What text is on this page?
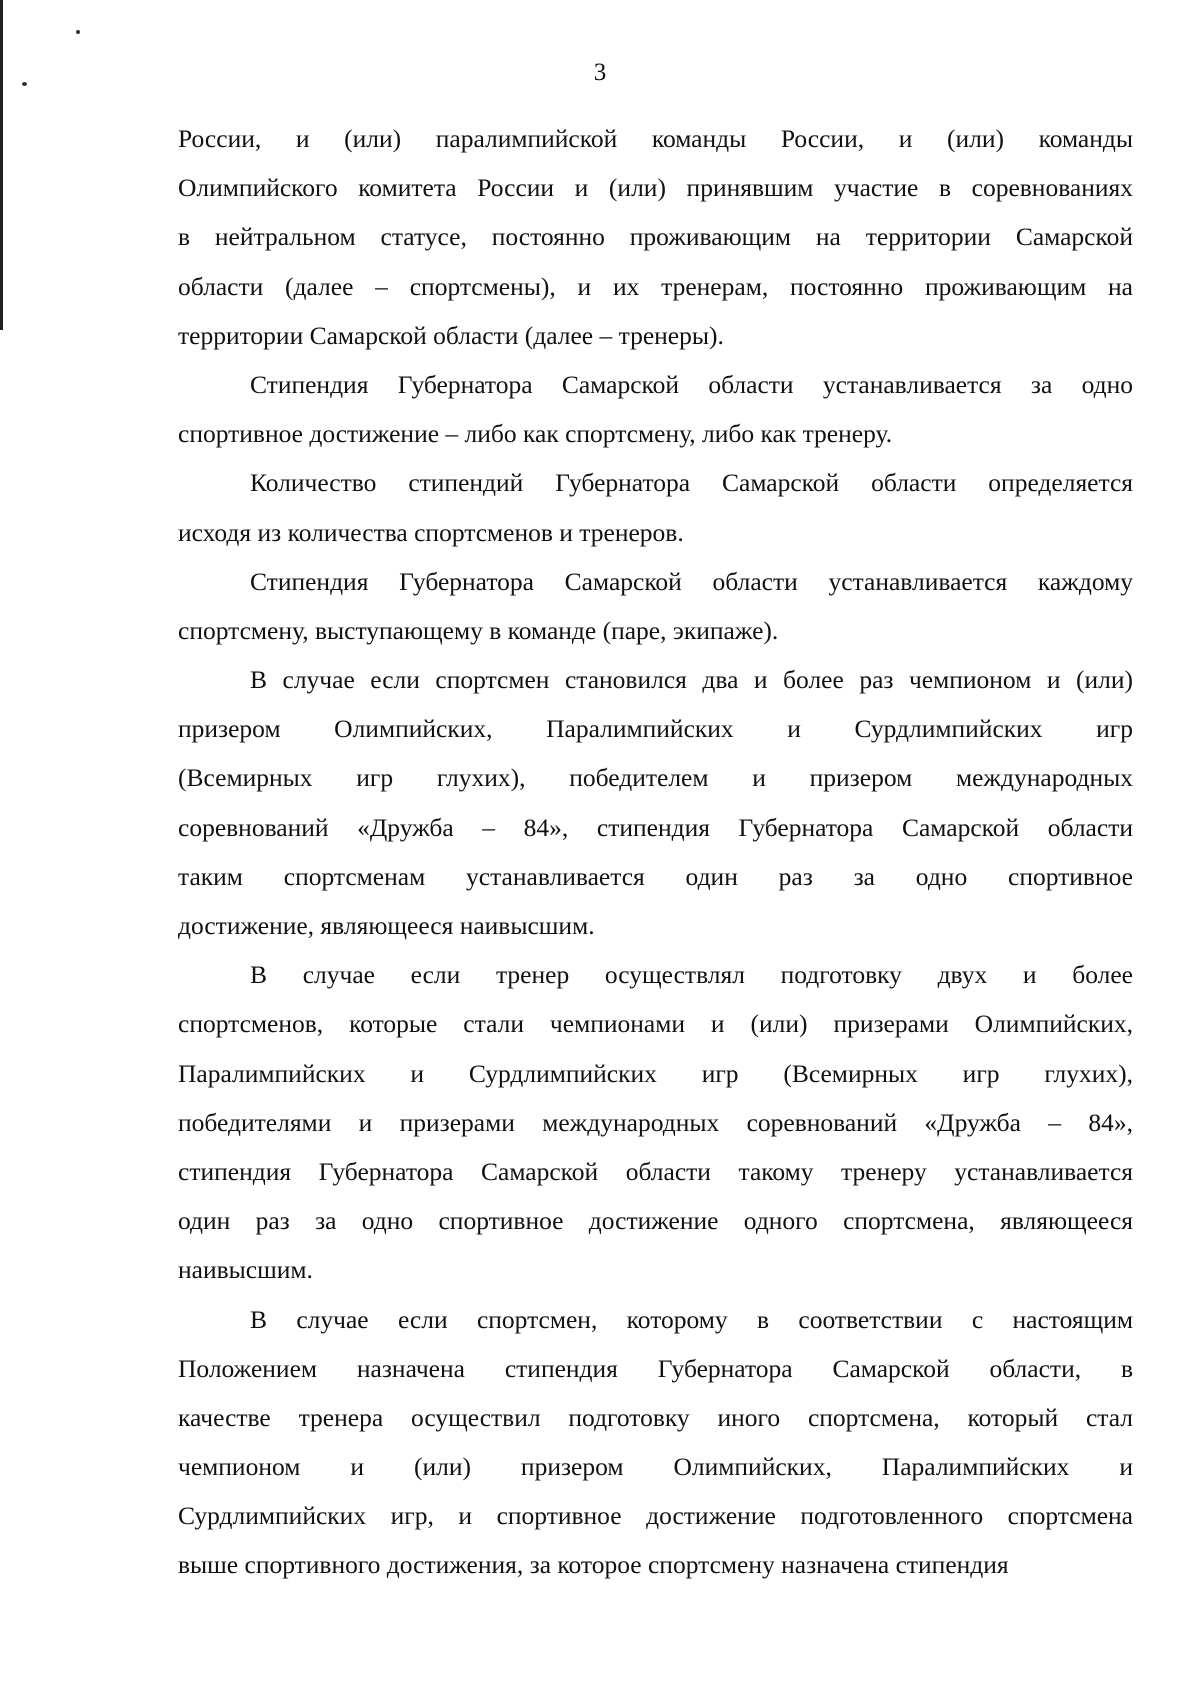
3
России, и (или) паралимпийской команды России, и (или) команды
Олимпийского комитета России и (или) принявшим участие в соревнованиях
в нейтральном статусе, постоянно проживающим на территории Самарской
области (далее – спортсмены), и их тренерам, постоянно проживающим на
территории Самарской области (далее – тренеры).
Стипендия Губернатора Самарской области устанавливается за одно
спортивное достижение – либо как спортсмену, либо как тренеру.
Количество стипендий Губернатора Самарской области определяется
исходя из количества спортсменов и тренеров.
Стипендия Губернатора Самарской области устанавливается каждому
спортсмену, выступающему в команде (паре, экипаже).
В случае если спортсмен становился два и более раз чемпионом и (или)
призером Олимпийских, Паралимпийских и Сурдлимпийских игр
(Всемирных игр глухих), победителем и призером международных
соревнований «Дружба – 84», стипендия Губернатора Самарской области
таким спортсменам устанавливается один раз за одно спортивное
достижение, являющееся наивысшим.
В случае если тренер осуществлял подготовку двух и более
спортсменов, которые стали чемпионами и (или) призерами Олимпийских,
Паралимпийских и Сурдлимпийских игр (Всемирных игр глухих),
победителями и призерами международных соревнований «Дружба – 84»,
стипендия Губернатора Самарской области такому тренеру устанавливается
один раз за одно спортивное достижение одного спортсмена, являющееся
наивысшим.
В случае если спортсмен, которому в соответствии с настоящим
Положением назначена стипендия Губернатора Самарской области, в
качестве тренера осуществил подготовку иного спортсмена, который стал
чемпионом и (или) призером Олимпийских, Паралимпийских и
Сурдлимпийских игр, и спортивное достижение подготовленного спортсмена
выше спортивного достижения, за которое спортсмену назначена стипендия
